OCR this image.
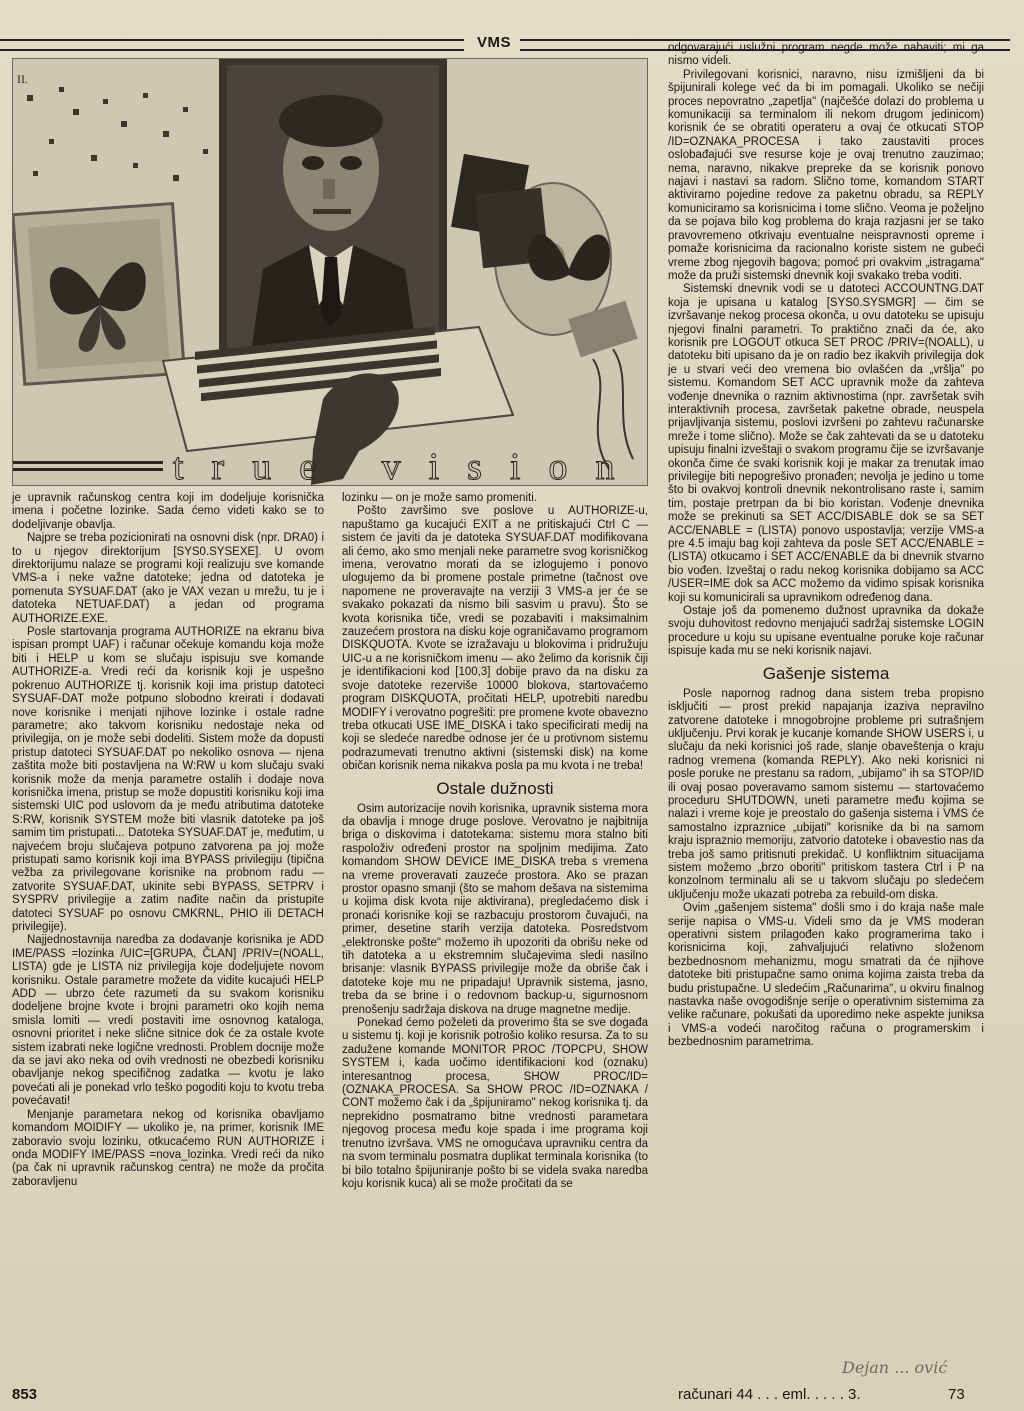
VMS
II.
true vision

je upravnik računskog centra koji im dodeljuje korisnička imena i početne lozinke. Sada ćemo videti kako se to dodeljivanje obavlja.

Najpre se treba pozicionirati na osnovni disk (npr. DRA0) i to u njegov direktorijum [SYS0.SYSEXE]. U ovom direktorijumu nalaze se programi koji realizuju sve komande VMS-a i neke važne datoteke; jedna od datoteka je pomenuta SYSUAF.DAT (ako je VAX vezan u mrežu, tu je i datoteka NETUAF.DAT) a jedan od programa AUTHORIZE.EXE.

Posle startovanja programa AUTHORIZE na ekranu biva ispisan prompt UAF) i računar očekuje komandu koja može biti i HELP u kom se slučaju ispisuju sve komande AUTHORIZE-a. Vredi reći da korisnik koji je uspešno pokrenuo AUTHORIZE tj. korisnik koji ima pristup datoteci SYSUAF-DAT može potpuno slobodno kreirati i dodavati nove korisnike i menjati njihove lozinke i ostale radne parametre; ako takvom korisniku nedostaje neka od privilegija, on je može sebi dodeliti. Sistem može da dopusti pristup datoteci SYSUAF.DAT po nekoliko osnova — njena zaštita može biti postavljena na W:RW u kom slučaju svaki korisnik može da menja parametre ostalih i dodaje nova korisnička imena, pristup se može dopustiti korisniku koji ima sistemski UIC pod uslovom da je među atributima datoteke S:RW, korisnik SYSTEM može biti vlasnik datoteke pa još samim tim pristupati... Datoteka SYSUAF.DAT je, međutim, u najvećem broju slučajeva potpuno zatvorena pa joj može pristupati samo korisnik koji ima BYPASS privilegiju (tipična vežba za privilegovane korisnike na probnom radu — zatvorite SYSUAF.DAT, ukinite sebi BYPASS, SETPRV i SYSPRV privilegije a zatim nađite način da pristupite datoteci SYSUAF po osnovu CMKRNL, PHIO ili DETACH privilegije).

Najjednostavnija naredba za dodavanje korisnika je ADD IME/PASS =lozinka /UIC=[GRUPA, ČLAN] /PRIV=(NOALL, LISTA) gde je LISTA niz privilegija koje dodeljujete novom korisniku. Ostale parametre možete da vidite kucajući HELP ADD — ubrzo ćete razumeti da su svakom korisniku dodeljene brojne kvote i brojni parametri oko kojih nema smisla lomiti — vredi postaviti ime osnovnog kataloga, osnovni prioritet i neke slične sitnice dok će za ostale kvote sistem izabrati neke logične vrednosti. Problem docnije može da se javi ako neka od ovih vrednosti ne obezbedi korisniku obavljanje nekog specifičnog zadatka — kvotu je lako povećati ali je ponekad vrlo teško pogoditi koju to kvotu treba povećavati!

Menjanje parametara nekog od korisnika obavljamo komandom MOIDIFY — ukoliko je, na primer, korisnik IME zaboravio svoju lozinku, otkucaćemo RUN AUTHORIZE i onda MODIFY IME/PASS =nova_lozinka. Vredi reći da niko (pa čak ni upravnik računskog centra) ne može da pročita zaboravljenu

lozinku — on je može samo promeniti.

Pošto završimo sve poslove u AUTHORIZE-u, napuštamo ga kucajući EXIT a ne pritiskajući Ctrl C — sistem će javiti da je datoteka SYSUAF.DAT modifikovana ali ćemo, ako smo menjali neke parametre svog korisničkog imena, verovatno morati da se izlogujemo i ponovo ulogujemo da bi promene postale primetne (tačnost ove napomene ne proveravajte na verziji 3 VMS-a jer će se svakako pokazati da nismo bili sasvim u pravu). Što se kvota korisnika tiče, vredi se pozabaviti i maksimalnim zauzećem prostora na disku koje ograničavamo programom DISKQUOTA. Kvote se izražavaju u blokovima i pridružuju UIC-u a ne korisničkom imenu — ako želimo da korisnik čiji je identifikacioni kod [100,3] dobije pravo da na disku za svoje datoteke rezerviše 10000 blokova, startovaćemo program DISKQUOTA, pročitati HELP, upotrebiti naredbu MODIFY i verovatno pogrešiti: pre promene kvote obavezno treba otkucati USE IME_DISKA i tako specificirati medij na koji se sledeće naredbe odnose jer će u protivnom sistemu podrazumevati trenutno aktivni (sistemski disk) na kome običan korisnik nema nikakva posla pa mu kvota i ne treba!

Ostale dužnosti

Osim autorizacije novih korisnika, upravnik sistema mora da obavlja i mnoge druge poslove. Verovatno je najbitnija briga o diskovima i datotekama: sistemu mora stalno biti raspoloživ određeni prostor na spoljnim medijima. Zato komandom SHOW DEVICE IME_DISKA treba s vremena na vreme proveravati zauzeće prostora. Ako se prazan prostor opasno smanji (što se mahom dešava na sistemima u kojima disk kvota nije aktivirana), pregledaćemo disk i pronaći korisnike koji se razbacuju prostorom čuvajući, na primer, desetine starih verzija datoteka. Posredstvom „elektronske pošte" možemo ih upozoriti da obrišu neke od tih datoteka a u ekstremnim slučajevima sledi nasilno brisanje: vlasnik BYPASS privilegije može da obriše čak i datoteke koje mu ne pripadaju! Upravnik sistema, jasno, treba da se brine i o redovnom backup-u, sigurnosnom prenošenju sadržaja diskova na druge magnetne medije.

Ponekad ćemo poželeti da proverimo šta se sve događa u sistemu tj. koji je korisnik potrošio koliko resursa. Za to su zadužene komande MONITOR PROC /TOPCPU, SHOW SYSTEM i, kada uočimo identifikacioni kod (oznaku) interesantnog procesa, SHOW PROC/ID=(OZNAKA_PROCESA. Sa SHOW PROC /ID=OZNAKA / CONT možemo čak i da „špijuniramo" nekog korisnika tj. da neprekidno posmatramo bitne vrednosti parametara njegovog procesa među koje spada i ime programa koji trenutno izvršava. VMS ne omogućava upravniku centra da na svom terminalu posmatra duplikat terminala korisnika (to bi bilo totalno špijuniranje pošto bi se videla svaka naredba koju korisnik kuca) ali se može pročitati da se

odgovarajući uslužni program negde može nabaviti; mi ga nismo videli.

Privilegovani korisnici, naravno, nisu izmišljeni da bi špijunirali kolege već da bi im pomagali. Ukoliko se nečiji proces nepovratno „zapetlja" (najčešće dolazi do problema u komunikaciji sa terminalom ili nekom drugom jedinicom) korisnik će se obratiti operateru a ovaj će otkucati STOP /ID=OZNAKA_PROCESA i tako zaustaviti proces oslobađajući sve resurse koje je ovaj trenutno zauzimao; nema, naravno, nikakve prepreke da se korisnik ponovo najavi i nastavi sa radom. Slično tome, komandom START aktiviramo pojedine redove za paketnu obradu, sa REPLY komuniciramo sa korisnicima i tome slično. Veoma je poželjno da se pojava bilo kog problema do kraja razjasni jer se tako pravovremeno otkrivaju eventualne neispravnosti opreme i pomaže korisnicima da racionalno koriste sistem ne gubeći vreme zbog njegovih bagova; pomoć pri ovakvim „istragama" može da pruži sistemski dnevnik koji svakako treba voditi.

Sistemski dnevnik vodi se u datoteci ACCOUNTNG.DAT koja je upisana u katalog [SYS0.SYSMGR] — čim se izvršavanje nekog procesa okonča, u ovu datoteku se upisuju njegovi finalni parametri. To praktično znači da će, ako korisnik pre LOGOUT otkuca SET PROC /PRIV=(NOALL), u datoteku biti upisano da je on radio bez ikakvih privilegija dok je u stvari veći deo vremena bio ovlašćen da „vršlja" po sistemu. Komandom SET ACC upravnik može da zahteva vođenje dnevnika o raznim aktivnostima (npr. završetak svih interaktivnih procesa, završetak paketne obrade, neuspela prijavljivanja sistemu, poslovi izvršeni po zahtevu računarske mreže i tome slično). Može se čak zahtevati da se u datoteku upisuju finalni izveštaji o svakom programu čije se izvršavanje okonča čime će svaki korisnik koji je makar za trenutak imao privilegije biti nepogrešivo pronađen; nevolja je jedino u tome što bi ovakvoj kontroli dnevnik nekontrolisano raste i, samim tim, postaje pretrpan da bi bio koristan. Vođenje dnevnika može se prekinuti sa SET ACC/DISABLE dok se sa SET ACC/ENABLE = (LISTA) ponovo uspostavlja; verzije VMS-a pre 4.5 imaju bag koji zahteva da posle SET ACC/ENABLE = (LISTA) otkucamo i SET ACC/ENABLE da bi dnevnik stvarno bio vođen. Izveštaj o radu nekog korisnika dobijamo sa ACC /USER=IME dok sa ACC možemo da vidimo spisak korisnika koji su komunicirali sa upravnikom određenog dana.

Ostaje još da pomenemo dužnost upravnika da dokaže svoju duhovitost redovno menjajući sadržaj sistemske LOGIN procedure u koju su upisane eventualne poruke koje računar ispisuje kada mu se neki korisnik najavi.

Gašenje sistema

Posle napornog radnog dana sistem treba propisno isključiti — prost prekid napajanja izaziva nepravilno zatvorene datoteke i mnogobrojne probleme pri sutrašnjem uključenju. Prvi korak je kucanje komande SHOW USERS i, u slučaju da neki korisnici još rade, slanje obaveštenja o kraju radnog vremena (komanda REPLY). Ako neki korisnici ni posle poruke ne prestanu sa radom, „ubijamo" ih sa STOP/ID ili ovaj posao poveravamo samom sistemu — startovaćemo proceduru SHUTDOWN, uneti parametre među kojima se nalazi i vreme koje je preostalo do gašenja sistema i VMS će samostalno izpraznice „ubijati" korisnike da bi na samom kraju ispraznio memoriju, zatvorio datoteke i obavestio nas da treba još samo pritisnuti prekidač. U konfliktnim situacijama sistem možemo „brzo oboriti" pritiskom tastera Ctrl i P na konzolnom terminalu ali se u takvom slučaju po sledećem uključenju može ukazati potreba za rebuild-om diska.

Ovim „gašenjem sistema" došli smo i do kraja naše male serije napisa o VMS-u. Videli smo da je VMS moderan operativni sistem prilagođen kako programerima tako i korisnicima koji, zahvaljujući relativno složenom bezbednosnom mehanizmu, mogu smatrati da će njihove datoteke biti pristupačne samo onima kojima zaista treba da budu pristupačne. U sledećim „Računarima", u okviru finalnog nastavka naše ovogodišnje serije o operativnim sistemima za velike računare, pokušati da uporedimo neke aspekte juniksa i VMS-a vodeći naročitog računa o programerskim i bezbednosnim parametrima.

Dejan ... ović
853	računari 44 . . . eml. . . . . 3.	73
